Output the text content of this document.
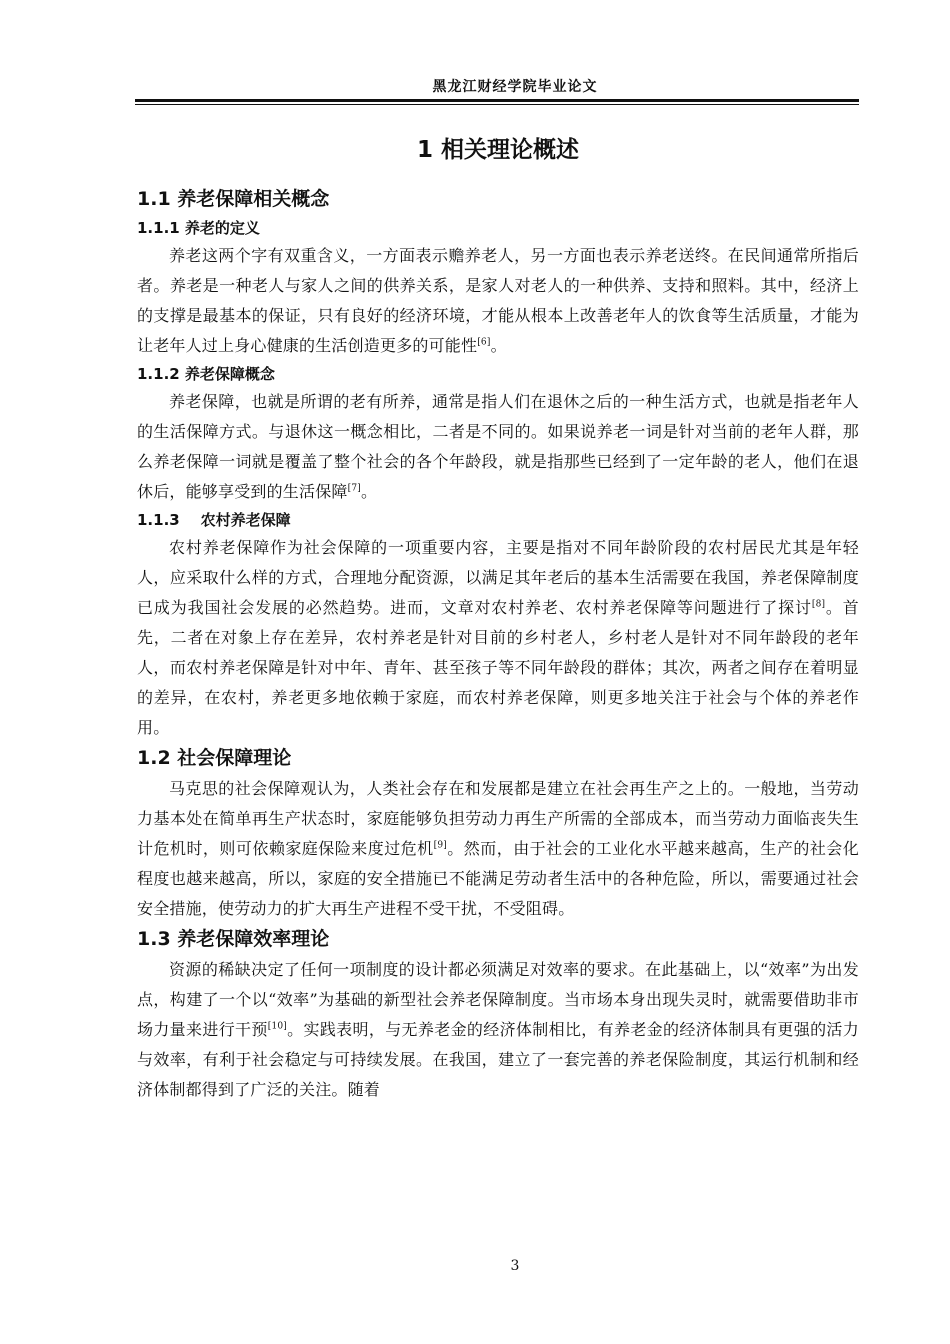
黑龙江财经学院毕业论文
1 相关理论概述
1.1 养老保障相关概念
1.1.1 养老的定义

养老这两个字有双重含义，一方面表示赡养老人，另一方面也表示养老送终。在民间通常所指后者。养老是一种老人与家人之间的供养关系，是家人对老人的一种供养、支持和照料。其中，经济上的支撑是最基本的保证，只有良好的经济环境，才能从根本上改善老年人的饮食等生活质量，才能为让老年人过上身心健康的生活创造更多的可能性[6]。

1.1.2 养老保障概念

养老保障，也就是所谓的老有所养，通常是指人们在退休之后的一种生活方式，也就是指老年人的生活保障方式。与退休这一概念相比，二者是不同的。如果说养老一词是针对当前的老年人群，那么养老保障一词就是覆盖了整个社会的各个年龄段，就是指那些已经到了一定年龄的老人，他们在退休后，能够享受到的生活保障[7]。

1.1.3    农村养老保障

农村养老保障作为社会保障的一项重要内容，主要是指对不同年龄阶段的农村居民尤其是年轻人，应采取什么样的方式，合理地分配资源，以满足其年老后的基本生活需要在我国，养老保障制度已成为我国社会发展的必然趋势。进而，文章对农村养老、农村养老保障等问题进行了探讨[8]。首先，二者在对象上存在差异，农村养老是针对目前的乡村老人，乡村老人是针对不同年龄段的老年人，而农村养老保障是针对中年、青年、甚至孩子等不同年龄段的群体；其次，两者之间存在着明显的差异，在农村，养老更多地依赖于家庭，而农村养老保障，则更多地关注于社会与个体的养老作用。

1.2 社会保障理论

马克思的社会保障观认为，人类社会存在和发展都是建立在社会再生产之上的。一般地，当劳动力基本处在简单再生产状态时，家庭能够负担劳动力再生产所需的全部成本，而当劳动力面临丧失生计危机时，则可依赖家庭保险来度过危机[9]。然而，由于社会的工业化水平越来越高，生产的社会化程度也越来越高，所以，家庭的安全措施已不能满足劳动者生活中的各种危险，所以，需要通过社会安全措施，使劳动力的扩大再生产进程不受干扰，不受阻碍。

1.3 养老保障效率理论

资源的稀缺决定了任何一项制度的设计都必须满足对效率的要求。在此基础上，以“效率”为出发点，构建了一个以“效率”为基础的新型社会养老保障制度。当市场本身出现失灵时，就需要借助非市场力量来进行干预[10]。实践表明，与无养老金的经济体制相比，有养老金的经济体制具有更强的活力与效率，有利于社会稳定与可持续发展。在我国，建立了一套完善的养老保险制度，其运行机制和经济体制都得到了广泛的关注。随着

3
